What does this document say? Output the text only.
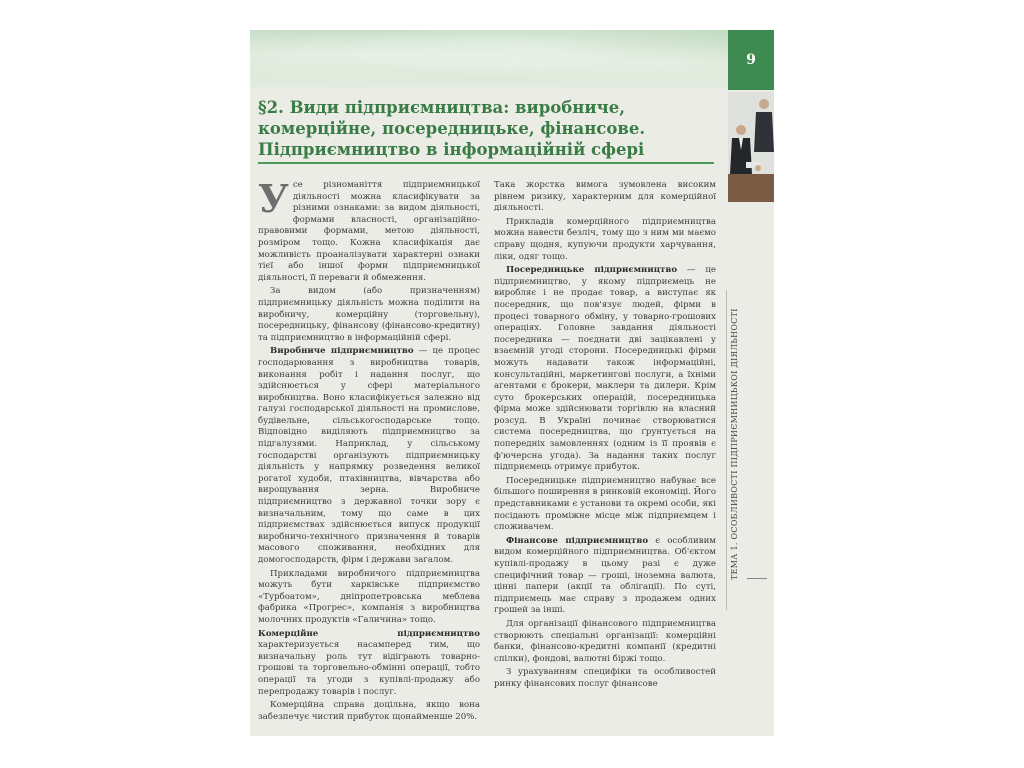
9
§2. Види підприємництва: виробниче, комерційне, посередницьке, фінансове. Підприємництво в інформаційній сфері

Усе різноманіття підприємницької діяльності можна класифікувати за різними ознаками: за видом діяльності, формами власності, організаційно-правовими формами, метою діяльності, розміром тощо. Кожна класифікація дає можливість проаналізувати характерні ознаки тієї або іншої форми підприємницької діяльності, її переваги й обмеження.

За видом (або призначенням) підприємницьку діяльність можна поділити на виробничу, комерційну (торговельну), посередницьку, фінансову (фінансово-кредитну) та підприємництво в інформаційній сфері.

Виробниче підприємництво — це процес господарювання з виробництва товарів, виконання робіт і надання послуг, що здійснюється у сфері матеріального виробництва. Воно класифікується залежно від галузі господарської діяльності на промислове, будівельне, сільськогосподарське тощо. Відповідно виділяють підприємництво за підгалузями. Наприклад, у сільському господарстві організують підприємницьку діяльність у напрямку розведення великої рогатої худоби, птахівництва, вівчарства або вирощування зерна. Виробниче підприємництво з державної точки зору є визначальним, тому що саме в цих підприємствах здійснюється випуск продукції виробничо-технічного призначення й товарів масового споживання, необхідних для домогосподарств, фірм і держави загалом.

Прикладами виробничого підприємництва можуть бути харківське підприємство «Турбоатом», дніпропетровська меблева фабрика «Прогрес», компанія з виробництва молочних продуктів «Галичина» тощо.

Комерційне підприємництво характеризується насамперед тим, що визначальну роль тут відіграють товарно-грошові та торговельно-обмінні операції, тобто операції та угоди з купівлі-продажу або перепродажу товарів і послуг.

Комерційна справа доцільна, якщо вона забезпечує чистий прибуток щонайменше 20%.

Така жорстка вимога зумовлена високим рівнем ризику, характерним для комерційної діяльності.

Прикладів комерційного підприємництва можна навести безліч, тому що з ним ми маємо справу щодня, купуючи продукти харчування, ліки, одяг тощо.

Посередницьке підприємництво — це підприємництво, у якому підприємець не виробляє і не продає товар, а виступає як посередник, що пов'язує людей, фірми в процесі товарного обміну, у товарно-грошових операціях. Головне завдання діяльності посередника — поєднати дві зацікавлені у взаємній угоді сторони. Посередницькі фірми можуть надавати також інформаційні, консультаційні, маркетингові послуги, а їхніми агентами є брокери, маклери та дилери. Крім суто брокерських операцій, посередницька фірма може здійснювати торгівлю на власний розсуд. В Україні починає створюватися система посередництва, що ґрунтується на попередніх замовленнях (одним із її проявів є ф'ючерсна угода). За надання таких послуг підприємець отримує прибуток.

Посередницьке підприємництво набуває все більшого поширення в ринковій економіці. Його представниками є установи та окремі особи, які посідають проміжне місце між підприємцем і споживачем.

Фінансове підприємництво є особливим видом комерційного підприємництва. Об'єктом купівлі-продажу в цьому разі є дуже специфічний товар — гроші, іноземна валюта, цінні папери (акції та облігації). По суті, підприємець має справу з продажем одних грошей за інші.

Для організації фінансового підприємництва створюють спеціальні організації: комерційні банки, фінансово-кредитні компанії (кредитні спілки), фондові, валютні біржі тощо.

З урахуванням специфіки та особливостей ринку фінансових послуг фінансове

ТЕМА 1. ОСОБЛИВОСТІ ПІДПРИЄМНИЦЬКОЇ ДІЯЛЬНОСТІ
